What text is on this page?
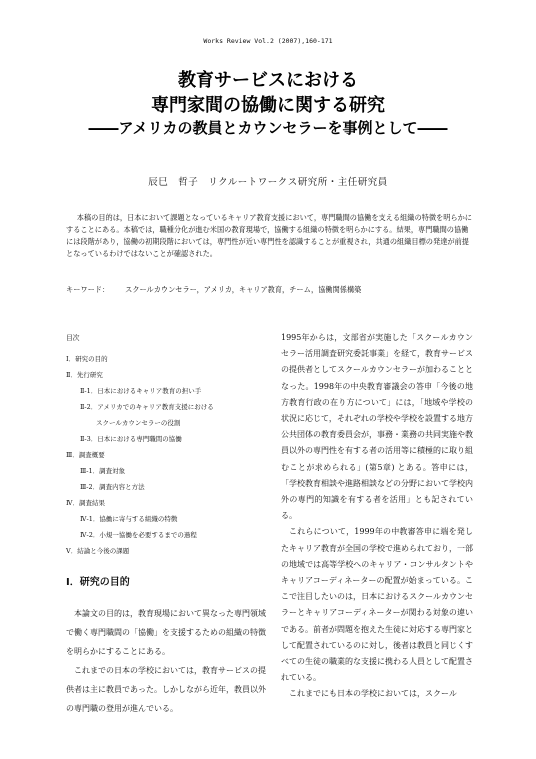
Works Review Vol.2 (2007),160-171
教育サービスにおける
専門家間の協働に関する研究
――アメリカの教員とカウンセラーを事例として――
辰巳　哲子　リクルートワークス研究所・主任研究員
本稿の目的は，日本において課題となっているキャリア教育支援において，専門職間の協働を支える組織の特徴を明らかにすることにある。本稿では，職種分化が進む米国の教育現場で，協働する組織の特徴を明らかにする。結果，専門職間の協働には段階があり，協働の初期段階においては，専門性が近い専門性を認識することが重視され，共通の組織目標の発達が前提となっているわけではないことが確認された。
キーワード： スクールカウンセラー，アメリカ，キャリア教育，チーム，協働関係構築
目次
Ⅰ．研究の目的
Ⅱ．先行研究
Ⅱ-1．日本におけるキャリア教育の担い手
Ⅱ-2．アメリカでのキャリア教育支援における
スクールカウンセラーの役割
Ⅱ-3．日本における専門職間の協働
Ⅲ．調査概要
Ⅲ-1．調査対象
Ⅲ-2．調査内容と方法
Ⅳ．調査結果
Ⅳ-1．協働に寄与する組織の特徴
Ⅳ-2．小規一協働を必要するまでの過程
Ⅴ．結論と今後の課題
Ⅰ．研究の目的

本論文の目的は，教育現場において異なった専門領域で働く専門職間の「協働」を支援するための組織の特徴を明らかにすることにある。

これまでの日本の学校においては，教育サービスの提供者は主に教員であった。しかしながら近年，教員以外の専門職の登用が進んでいる。

1995年からは，文部省が実施した「スクールカウンセラー活用調査研究委託事業」を経て，教育サービスの提供者としてスクールカウンセラーが加わることとなった。1998年の中央教育審議会の答申「今後の地方教育行政の在り方について」には，「地域や学校の状況に応じて，それぞれの学校や学校を設置する地方公共団体の教育委員会が，事務・業務の共同実施や教員以外の専門性を有する者の活用等に積極的に取り組むことが求められる」(第5章) とある。答申には，「学校教育相談や進路相談などの分野において学校内外の専門的知識を有する者を活用」とも記されている。

これらについて，1999年の中教審答申に端を発したキャリア教育が全国の学校で進められており，一部の地域では高等学校へのキャリア・コンサルタントやキャリアコーディネーターの配置が始まっている。ここで注目したいのは，日本におけるスクールカウンセラーとキャリアコーディネーターが関わる対象の違いである。前者が問題を抱えた生徒に対応する専門家として配置されているのに対し，後者は教員と同じくすべての生徒の職業的な支援に携わる人員として配置されている。

これまでにも日本の学校においては，スクール
